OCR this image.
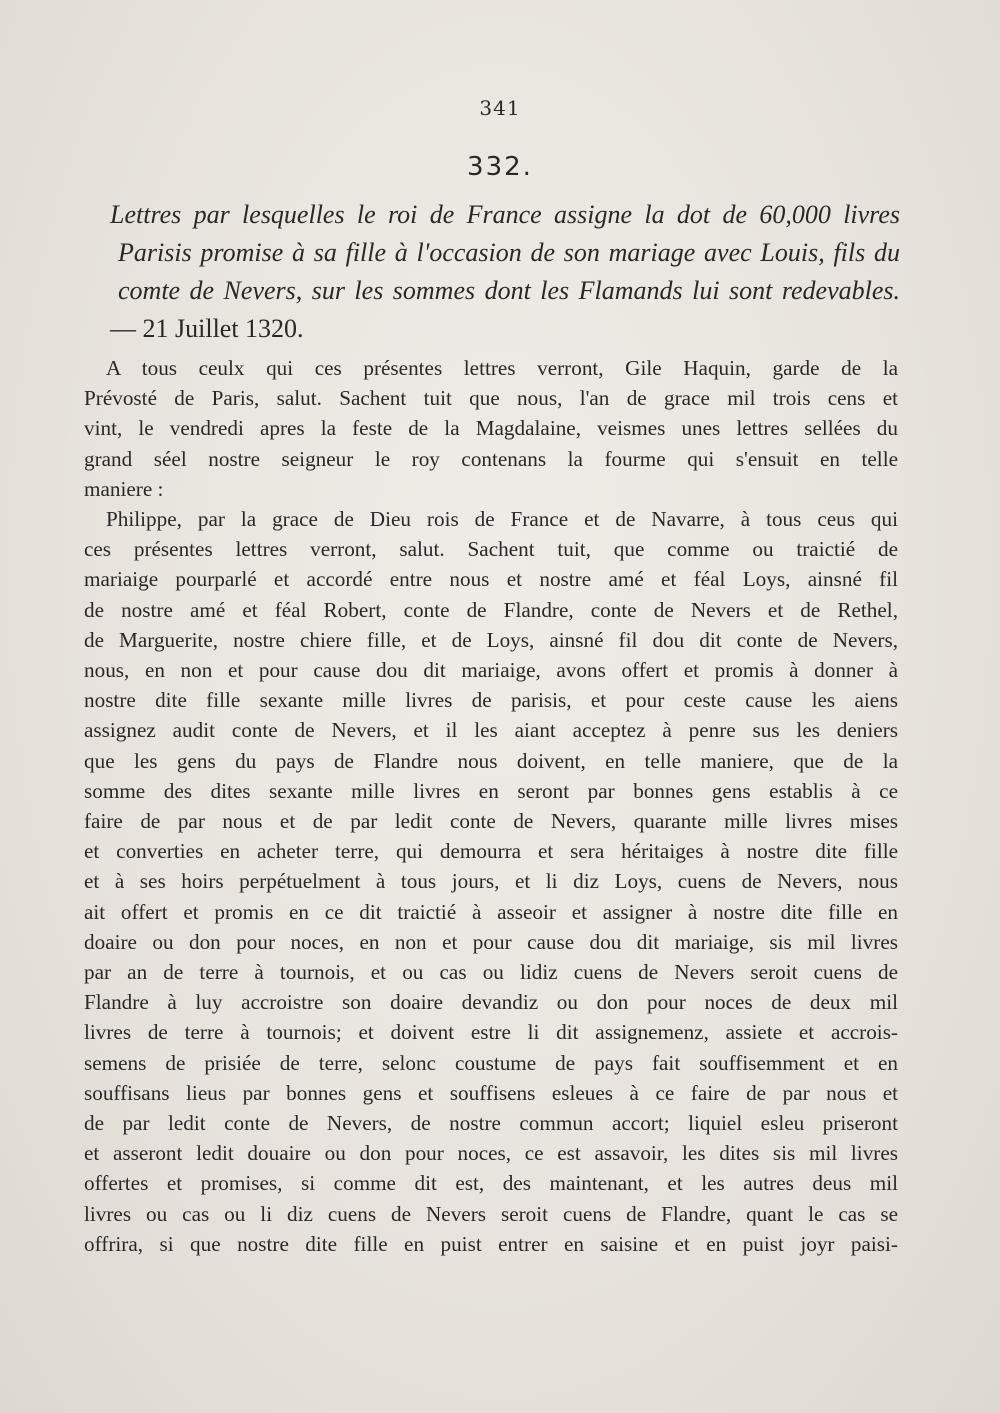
341
332.
Lettres par lesquelles le roi de France assigne la dot de 60,000 livres
Parisis promise à sa fille à l'occasion de son mariage avec Louis, fils du
comte de Nevers, sur les sommes dont les Flamands lui sont redevables.
— 21 Juillet 1320.
A tous ceulx qui ces présentes lettres verront, Gile Haquin, garde de la
Prévosté de Paris, salut. Sachent tuit que nous, l'an de grace mil trois cens et
vint, le vendredi apres la feste de la Magdalaine, veismes unes lettres sellées du
grand séel nostre seigneur le roy contenans la fourme qui s'ensuit en telle
maniere :
Philippe, par la grace de Dieu rois de France et de Navarre, à tous ceus qui
ces présentes lettres verront, salut. Sachent tuit, que comme ou traictié de
mariaige pourparlé et accordé entre nous et nostre amé et féal Loys, ainsné fil
de nostre amé et féal Robert, conte de Flandre, conte de Nevers et de Rethel,
de Marguerite, nostre chiere fille, et de Loys, ainsné fil dou dit conte de Nevers,
nous, en non et pour cause dou dit mariaige, avons offert et promis à donner à
nostre dite fille sexante mille livres de parisis, et pour ceste cause les aiens
assignez audit conte de Nevers, et il les aiant acceptez à penre sus les deniers
que les gens du pays de Flandre nous doivent, en telle maniere, que de la
somme des dites sexante mille livres en seront par bonnes gens establis à ce
faire de par nous et de par ledit conte de Nevers, quarante mille livres mises
et converties en acheter terre, qui demourra et sera héritaiges à nostre dite fille
et à ses hoirs perpétuelment à tous jours, et li diz Loys, cuens de Nevers, nous
ait offert et promis en ce dit traictié à asseoir et assigner à nostre dite fille en
doaire ou don pour noces, en non et pour cause dou dit mariaige, sis mil livres
par an de terre à tournois, et ou cas ou lidiz cuens de Nevers seroit cuens de
Flandre à luy accroistre son doaire devandiz ou don pour noces de deux mil
livres de terre à tournois; et doivent estre li dit assignemenz, assiete et accrois-
semens de prisiée de terre, selonc coustume de pays fait souffisemment et en
souffisans lieus par bonnes gens et souffisens esleues à ce faire de par nous et
de par ledit conte de Nevers, de nostre commun accort; liquiel esleu priseront
et asseront ledit douaire ou don pour noces, ce est assavoir, les dites sis mil livres
offertes et promises, si comme dit est, des maintenant, et les autres deus mil
livres ou cas ou li diz cuens de Nevers seroit cuens de Flandre, quant le cas se
offrira, si que nostre dite fille en puist entrer en saisine et en puist joyr paisi-
